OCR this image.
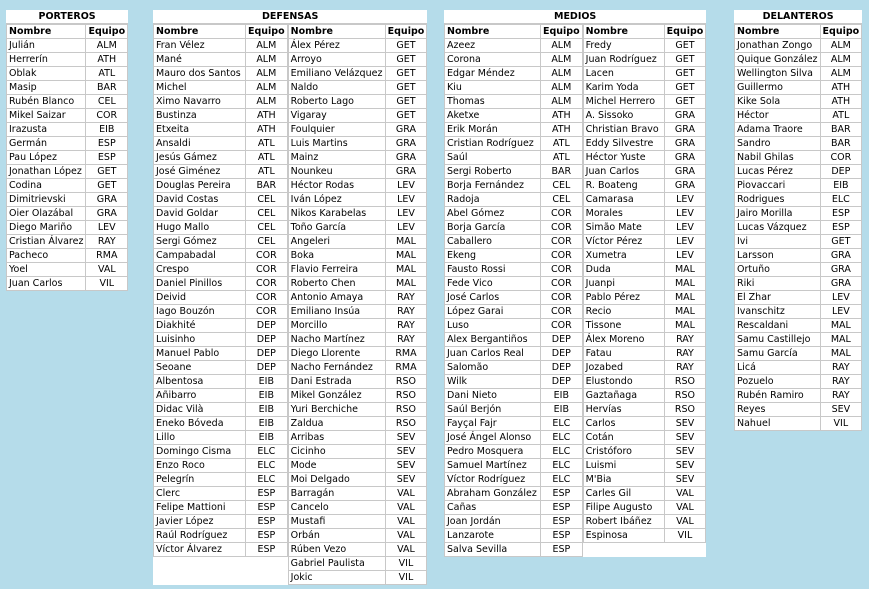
PORTEROS
Nombre	Equipo
Julián	ALM
Herrerín	ATH
Oblak	ATL
Masip	BAR
Rubén Blanco	CEL
Mikel Saizar	COR
Irazusta	EIB
Germán	ESP
Pau López	ESP
Jonathan López	GET
Codina	GET
Dimitrievski	GRA
Oier Olazábal	GRA
Diego Mariño	LEV
Cristian Álvarez	RAY
Pacheco	RMA
Yoel	VAL
Juan Carlos	VIL
DEFENSAS
Nombre	Equipo
Fran Vélez	ALM
Mané	ALM
Mauro dos Santos	ALM
Michel	ALM
Ximo Navarro	ALM
Bustinza	ATH
Etxeita	ATH
Ansaldi	ATL
Jesús Gámez	ATL
José Giménez	ATL
Douglas Pereira	BAR
David Costas	CEL
David Goldar	CEL
Hugo Mallo	CEL
Sergi Gómez	CEL
Campabadal	COR
Crespo	COR
Daniel Pinillos	COR
Deivid	COR
Iago Bouzón	COR
Diakhité	DEP
Luisinho	DEP
Manuel Pablo	DEP
Seoane	DEP
Albentosa	EIB
Añibarro	EIB
Didac Vilà	EIB
Eneko Bóveda	EIB
Lillo	EIB
Domingo Cisma	ELC
Enzo Roco	ELC
Pelegrín	ELC
Clerc	ESP
Felipe Mattioni	ESP
Javier López	ESP
Raúl Rodríguez	ESP
Víctor Álvarez	ESP
Nombre	Equipo
Álex Pérez	GET
Arroyo	GET
Emiliano Velázquez	GET
Naldo	GET
Roberto Lago	GET
Vigaray	GET
Foulquier	GRA
Luis Martins	GRA
Mainz	GRA
Nounkeu	GRA
Héctor Rodas	LEV
Iván López	LEV
Nikos Karabelas	LEV
Toño García	LEV
Angeleri	MAL
Boka	MAL
Flavio Ferreira	MAL
Roberto Chen	MAL
Antonio Amaya	RAY
Emiliano Insúa	RAY
Morcillo	RAY
Nacho Martínez	RAY
Diego Llorente	RMA
Nacho Fernández	RMA
Dani Estrada	RSO
Mikel González	RSO
Yuri Berchiche	RSO
Zaldua	RSO
Arribas	SEV
Cicinho	SEV
Mode	SEV
Moi Delgado	SEV
Barragán	VAL
Cancelo	VAL
Mustafi	VAL
Orbán	VAL
Rúben Vezo	VAL
Gabriel Paulista	VIL
Jokic	VIL
MEDIOS
Nombre	Equipo
Azeez	ALM
Corona	ALM
Edgar Méndez	ALM
Kiu	ALM
Thomas	ALM
Aketxe	ATH
Erik Morán	ATH
Cristian Rodríguez	ATL
Saúl	ATL
Sergi Roberto	BAR
Borja Fernández	CEL
Radoja	CEL
Abel Gómez	COR
Borja García	COR
Caballero	COR
Ekeng	COR
Fausto Rossi	COR
Fede Vico	COR
José Carlos	COR
López Garai	COR
Luso	COR
Alex Bergantiños	DEP
Juan Carlos Real	DEP
Salomão	DEP
Wilk	DEP
Dani Nieto	EIB
Saúl Berjón	EIB
Fayçal Fajr	ELC
José Ángel Alonso	ELC
Pedro Mosquera	ELC
Samuel Martínez	ELC
Víctor Rodríguez	ELC
Abraham González	ESP
Cañas	ESP
Joan Jordán	ESP
Lanzarote	ESP
Salva Sevilla	ESP
Nombre	Equipo
Fredy	GET
Juan Rodríguez	GET
Lacen	GET
Karim Yoda	GET
Michel Herrero	GET
A. Sissoko	GRA
Christian Bravo	GRA
Eddy Silvestre	GRA
Héctor Yuste	GRA
Juan Carlos	GRA
R. Boateng	GRA
Camarasa	LEV
Morales	LEV
Simão Mate	LEV
Víctor Pérez	LEV
Xumetra	LEV
Duda	MAL
Juanpi	MAL
Pablo Pérez	MAL
Recio	MAL
Tissone	MAL
Álex Moreno	RAY
Fatau	RAY
Jozabed	RAY
Elustondo	RSO
Gaztañaga	RSO
Hervías	RSO
Carlos	SEV
Cotán	SEV
Cristóforo	SEV
Luismi	SEV
M'Bia	SEV
Carles Gil	VAL
Filipe Augusto	VAL
Robert Ibáñez	VAL
Espinosa	VIL
DELANTEROS
Nombre	Equipo
Jonathan Zongo	ALM
Quique González	ALM
Wellington Silva	ALM
Guillermo	ATH
Kike Sola	ATH
Héctor	ATL
Adama Traore	BAR
Sandro	BAR
Nabil Ghilas	COR
Lucas Pérez	DEP
Piovaccari	EIB
Rodrigues	ELC
Jairo Morilla	ESP
Lucas Vázquez	ESP
Ivi	GET
Larsson	GRA
Ortuño	GRA
Riki	GRA
El Zhar	LEV
Ivanschitz	LEV
Rescaldani	MAL
Samu Castillejo	MAL
Samu García	MAL
Licá	RAY
Pozuelo	RAY
Rubén Ramiro	RAY
Reyes	SEV
Nahuel	VIL
